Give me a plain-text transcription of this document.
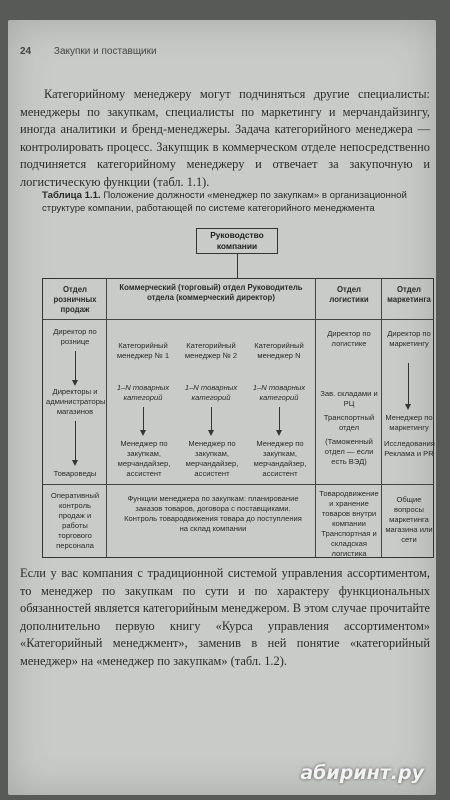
24 Закупки и поставщики
Категорийному менеджеру могут подчиняться другие специалисты: менеджеры по закупкам, специалисты по маркетингу и мерчандайзингу, иногда аналитики и бренд-менеджеры. Задача категорийного менеджера — контролировать процесс. Закупщик в коммерческом отделе непосредственно подчиняется категорийному менеджеру и отвечает за закупочную и логистическую функции (табл. 1.1).
Таблица 1.1. Положение должности «менеджер по закупкам» в организационной структуре компании, работающей по системе категорийного менеджмента
Руководство компании
Отдел розничных продаж
Коммерческий (торговый) отдел Руководитель отдела (коммерческий директор)
Отдел логистики
Отдел маркетинга
Директор по рознице
Директоры и администраторы магазинов
Товароведы
Оперативный контроль продаж и работы торгового персонала
Категорийный менеджер № 1
1–N товарных категорий
Менеджер по закупкам, мерчандайзер, ассистент
Категорийный менеджер № 2
1–N товарных категорий
Менеджер по закупкам, мерчандайзер, ассистент
Категорийный менеджер N
1–N товарных категорий
Менеджер по закупкам, мерчандайзер, ассистент
Функции менеджера по закупкам: планирование заказов товаров, договора с поставщиками. Контроль товародвижения товара до поступления на склад компании
Директор по логистике
Зав. складами и РЦ
Транспортный отдел
(Таможенный отдел — если есть ВЭД)
Товародвижение и хранение товаров внутри компании Транспортная и складская логистика
Директор по маркетингу
Менеджер по маркетингу
Исследования Реклама и PR
Общие вопросы маркетинга магазина или сети
Если у вас компания с традиционной системой управления ассортиментом, то менеджер по закупкам по сути и по характеру функциональных обязанностей является категорийным менеджером. В этом случае прочитайте дополнительно первую книгу «Курса управления ассортиментом» «Категорийный менеджмент», заменив в ней понятие «категорийный менеджер» на «менеджер по закупкам» (табл. 1.2).
абиринт.ру
